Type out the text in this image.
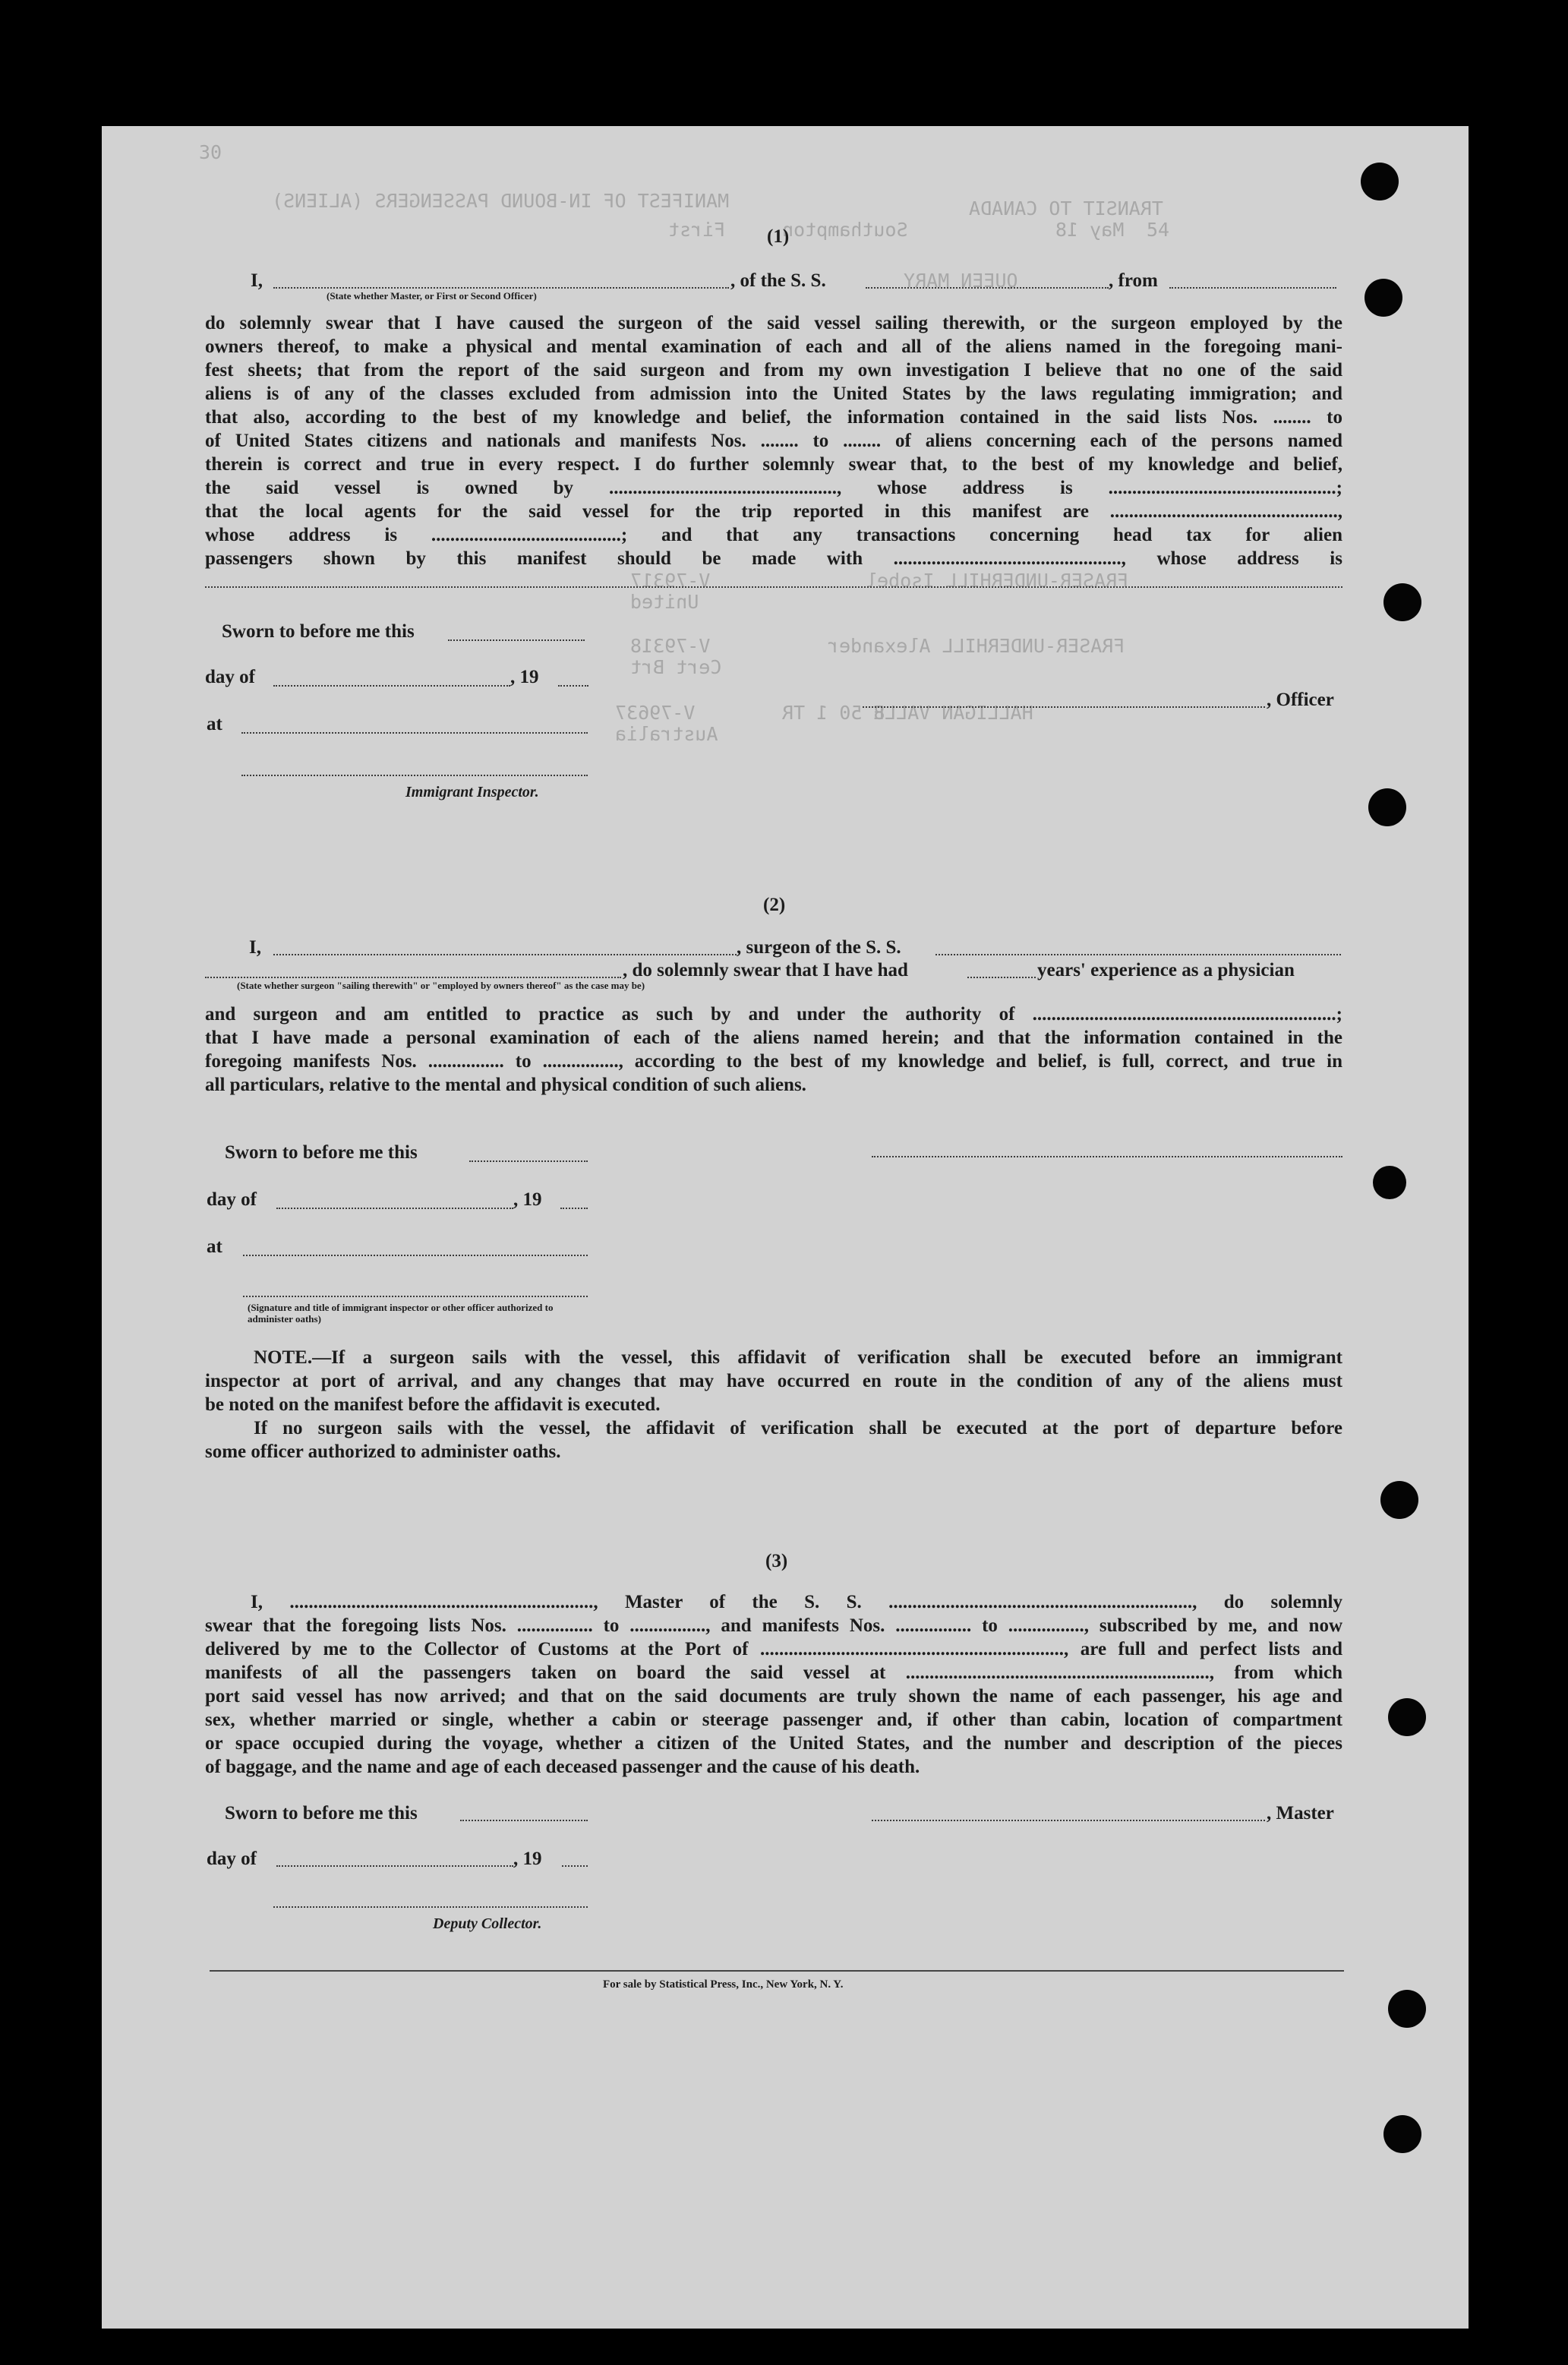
30
MANIFEST OF IN-BOUND PASSENGERS (ALIENS)
First	Southampton	May 18 54
TRANSIT TO CANADA
QUEEN MARY
FRASER-UNDERHILL Isobel
V-79317
United
FRASER-UNDERHILL Alexander
V-79318
Cert Brt
V-79637
Australia
HALLIGAN VALLE
8 50 1 TR
(1)
I,
(State whether Master, or First or Second Officer)
, of the S. S.	, from
do solemnly swear that I have caused the surgeon of the said vessel sailing therewith, or the surgeon employed by the
owners thereof, to make a physical and mental examination of each and all of the aliens named in the foregoing mani-
fest sheets; that from the report of the said surgeon and from my own investigation I believe that no one of the said
aliens is of any of the classes excluded from admission into the United States by the laws regulating immigration; and
that also, according to the best of my knowledge and belief, the information contained in the said lists Nos. ........ to
of United States citizens and nationals and manifests Nos. ........ to ........ of aliens concerning each of the persons named
therein is correct and true in every respect. I do further solemnly swear that, to the best of my knowledge and belief,
the said vessel is owned by ................................................, whose address is ................................................;
that the local agents for the said vessel for the trip reported in this manifest are ................................................,
whose address is ........................................; and that any transactions concerning head tax for alien
passengers shown by this manifest should be made with ................................................, whose address is
Sworn to before me this
day of	, 19
at
Immigrant Inspector.
, Officer
(2)
I,	, surgeon of the S. S.
, do solemnly swear that I have had	years' experience as a physician
(State whether surgeon "sailing therewith" or "employed by owners thereof" as the case may be)
and surgeon and am entitled to practice as such by and under the authority of ................................................................;
that I have made a personal examination of each of the aliens named herein; and that the information contained in the
foregoing manifests Nos. ................ to ................, according to the best of my knowledge and belief, is full, correct, and true in
all particulars, relative to the mental and physical condition of such aliens.
Sworn to before me this
day of	, 19
at
(Signature and title of immigrant inspector or other officer authorized to administer oaths)
NOTE.—If a surgeon sails with the vessel, this affidavit of verification shall be executed before an immigrant
inspector at port of arrival, and any changes that may have occurred en route in the condition of any of the aliens must
be noted on the manifest before the affidavit is executed.
If no surgeon sails with the vessel, the affidavit of verification shall be executed at the port of departure before
some officer authorized to administer oaths.
(3)
I, ................................................................, Master of the S. S. ................................................................, do solemnly
swear that the foregoing lists Nos. ................ to ................, and manifests Nos. ................ to ................, subscribed by me, and now
delivered by me to the Collector of Customs at the Port of ................................................................, are full and perfect lists and
manifests of all the passengers taken on board the said vessel at ................................................................, from which
port said vessel has now arrived; and that on the said documents are truly shown the name of each passenger, his age and
sex, whether married or single, whether a cabin or steerage passenger and, if other than cabin, location of compartment
or space occupied during the voyage, whether a citizen of the United States, and the number and description of the pieces
of baggage, and the name and age of each deceased passenger and the cause of his death.
Sworn to before me this	, Master
day of	, 19
Deputy Collector.
For sale by Statistical Press, Inc., New York, N. Y.
